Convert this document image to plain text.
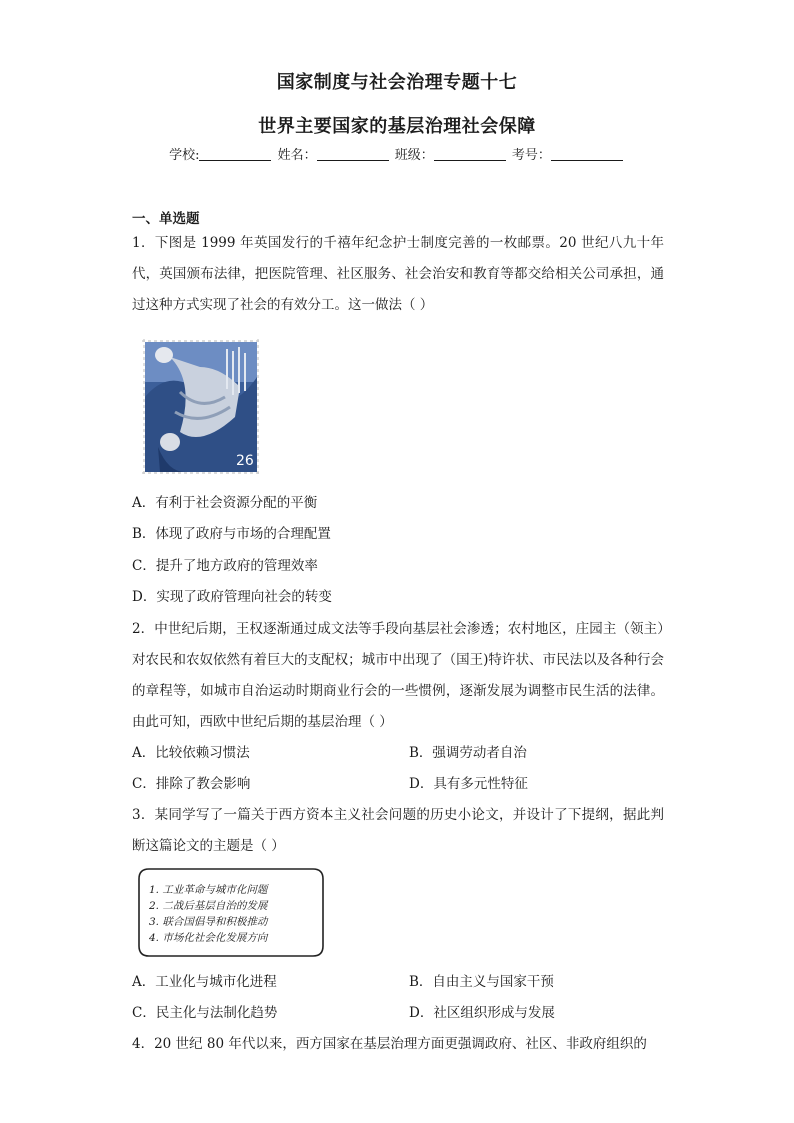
国家制度与社会治理专题十七
世界主要国家的基层治理社会保障
学校:	姓名：	班级：	考号：
一、单选题
1．下图是 1999 年英国发行的千禧年纪念护士制度完善的一枚邮票。20 世纪八九十年代，英国颁布法律，把医院管理、社区服务、社会治安和教育等都交给相关公司承担，通过这种方式实现了社会的有效分工。这一做法（ ）
26
A．有利于社会资源分配的平衡
B．体现了政府与市场的合理配置
C．提升了地方政府的管理效率
D．实现了政府管理向社会的转变
2．中世纪后期，王权逐渐通过成文法等手段向基层社会渗透；农村地区，庄园主（领主）对农民和农奴依然有着巨大的支配权；城市中出现了（国王)特许状、市民法以及各种行会的章程等，如城市自治运动时期商业行会的一些惯例，逐渐发展为调整市民生活的法律。由此可知，西欧中世纪后期的基层治理（ ）
A．比较依赖习惯法	B．强调劳动者自治
C．排除了教会影响	D．具有多元性特征
3．某同学写了一篇关于西方资本主义社会问题的历史小论文，并设计了下提纲，据此判断这篇论文的主题是（ ）
1. 工业革命与城市化问题
2. 二战后基层自治的发展
3. 联合国倡导和积极推动
4. 市场化社会化发展方向
A．工业化与城市化进程	B．自由主义与国家干预
C．民主化与法制化趋势	D．社区组织形成与发展
4．20 世纪 80 年代以来，西方国家在基层治理方面更强调政府、社区、非政府组织的
